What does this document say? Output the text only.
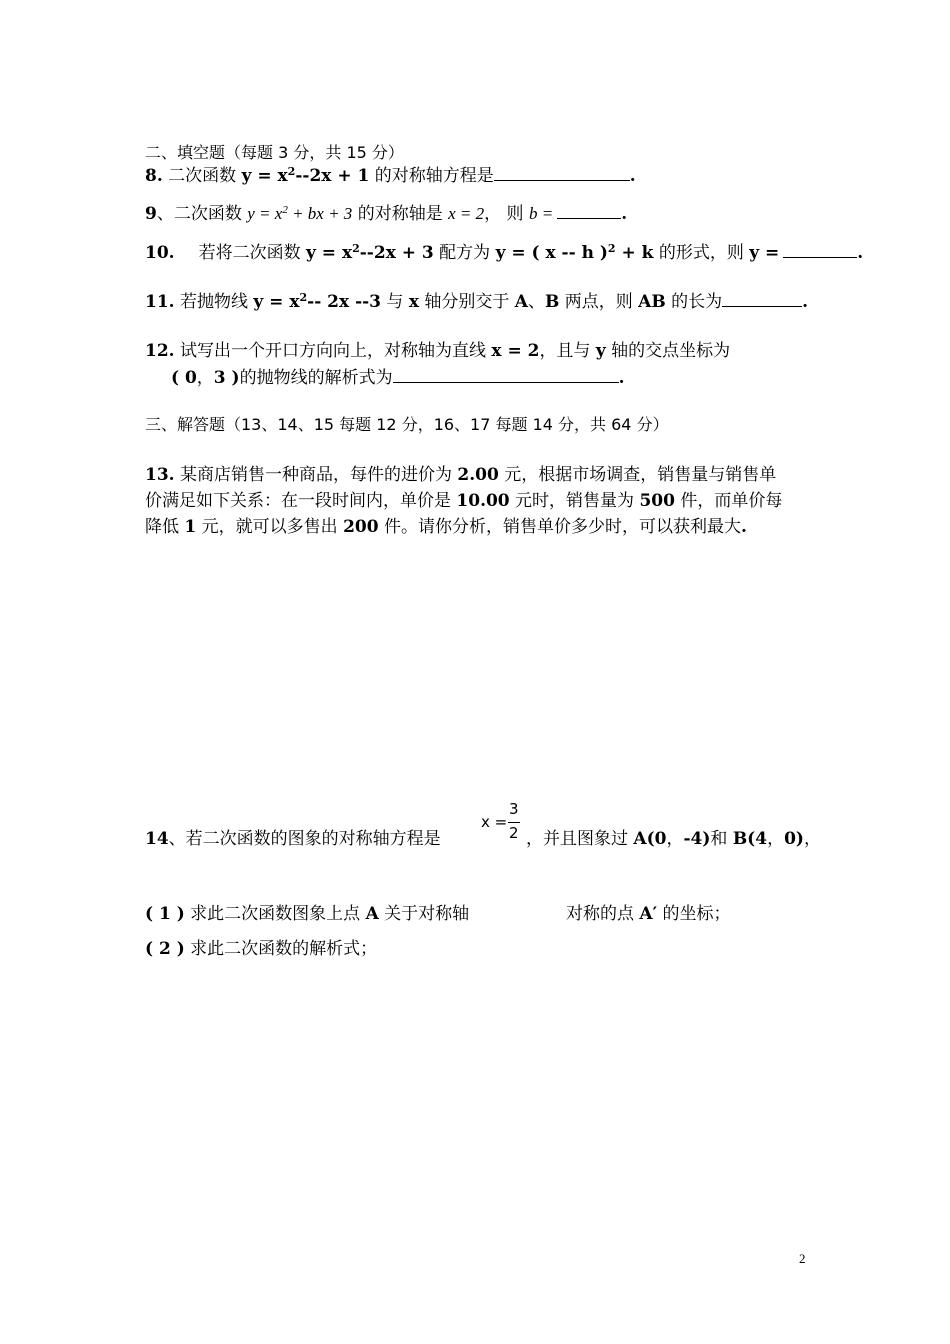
二、填空题（每题 3 分，共 15 分）
8. 二次函数 $y = x^2--2x + 1$ 的对称轴方程是	.
9、二次函数 $y = x^2$ + bx + 3 的对称轴是 x = 2， 则 b =	.
10. 若将二次函数 $y = x^2--2x + 3$ 配方为 y = ( x -- h )$^2$ + k 的形式，则 y =	.
11. 若抛物线 $y = x^2--$ 2x --3 与 x 轴分别交于 A、B 两点，则 AB 的长为	.
12. 试写出一个开口方向向上，对称轴为直线 x = 2，且与 y 轴的交点坐标为
( 0，3 )的抛物线的解析式为	.
三、解答题（13、14、15 每题 12 分，16、17 每题 14 分，共 64 分）
13. 某商店销售一种商品，每件的进价为 2.00 元，根据市场调查，销售量与销售单
价满足如下关系：在一段时间内，单价是 10.00 元时，销售量为 500 件，而单价每
降低 1 元，就可以多售出 200 件。请你分析，销售单价多少时，可以获利最大.
x =
3
2
14、若二次函数的图象的对称轴方程是	，并且图象过 A(0，-4)和 B(4，0)，
( 1 ) 求此二次函数图象上点 A 关于对称轴	对称的点 A′ 的坐标；
( 2 ) 求此二次函数的解析式；
2
